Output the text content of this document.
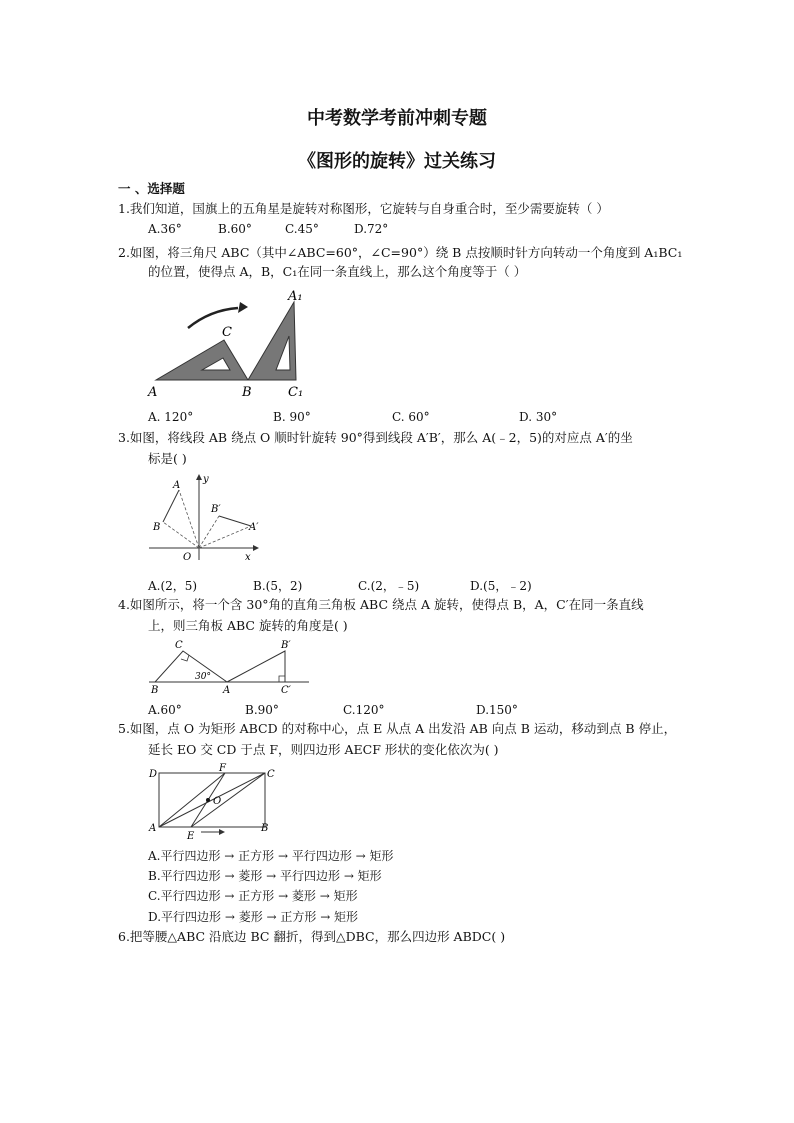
中考数学考前冲刺专题
《图形的旋转》过关练习
一 、选择题
1.我们知道，国旗上的五角星是旋转对称图形，它旋转与自身重合时，至少需要旋转（ ）
A.36°	B.60°	C.45°	D.72°
2.如图，将三角尺 ABC（其中∠ABC=60°，∠C=90°）绕 B 点按顺时针方向转动一个角度到 A₁BC₁
的位置，使得点 A，B，C₁在同一条直线上，那么这个角度等于（ ）
C
A	B
A₁
C₁
A. 120°	B. 90°	C. 60°	D. 30°
3.如图，将线段 AB 绕点 O 顺时针旋转 90°得到线段 A′B′，那么 A(﹣2，5)的对应点 A′的坐
标是( )
y
x
O
A
B
B′
A′
A.(2，5)	B.(5，2)	C.(2，﹣5)	D.(5，﹣2)
4.如图所示，将一个含 30°角的直角三角板 ABC 绕点 A 旋转，使得点 B，A，C′在同一条直线
上，则三角板 ABC 旋转的角度是( )
C
B	A
30°
B′
C′
A.60°	B.90°	C.120°	D.150°
5.如图，点 O 为矩形 ABCD 的对称中心，点 E 从点 A 出发沿 AB 向点 B 运动，移动到点 B 停止，
延长 EO 交 CD 于点 F，则四边形 AECF 形状的变化依次为( )
D
F
C
O
A
E
B
A.平行四边形 → 正方形 → 平行四边形 → 矩形
B.平行四边形 → 菱形 → 平行四边形 → 矩形
C.平行四边形 → 正方形 → 菱形 → 矩形
D.平行四边形 → 菱形 → 正方形 → 矩形
6.把等腰△ABC 沿底边 BC 翻折，得到△DBC，那么四边形 ABDC( )
